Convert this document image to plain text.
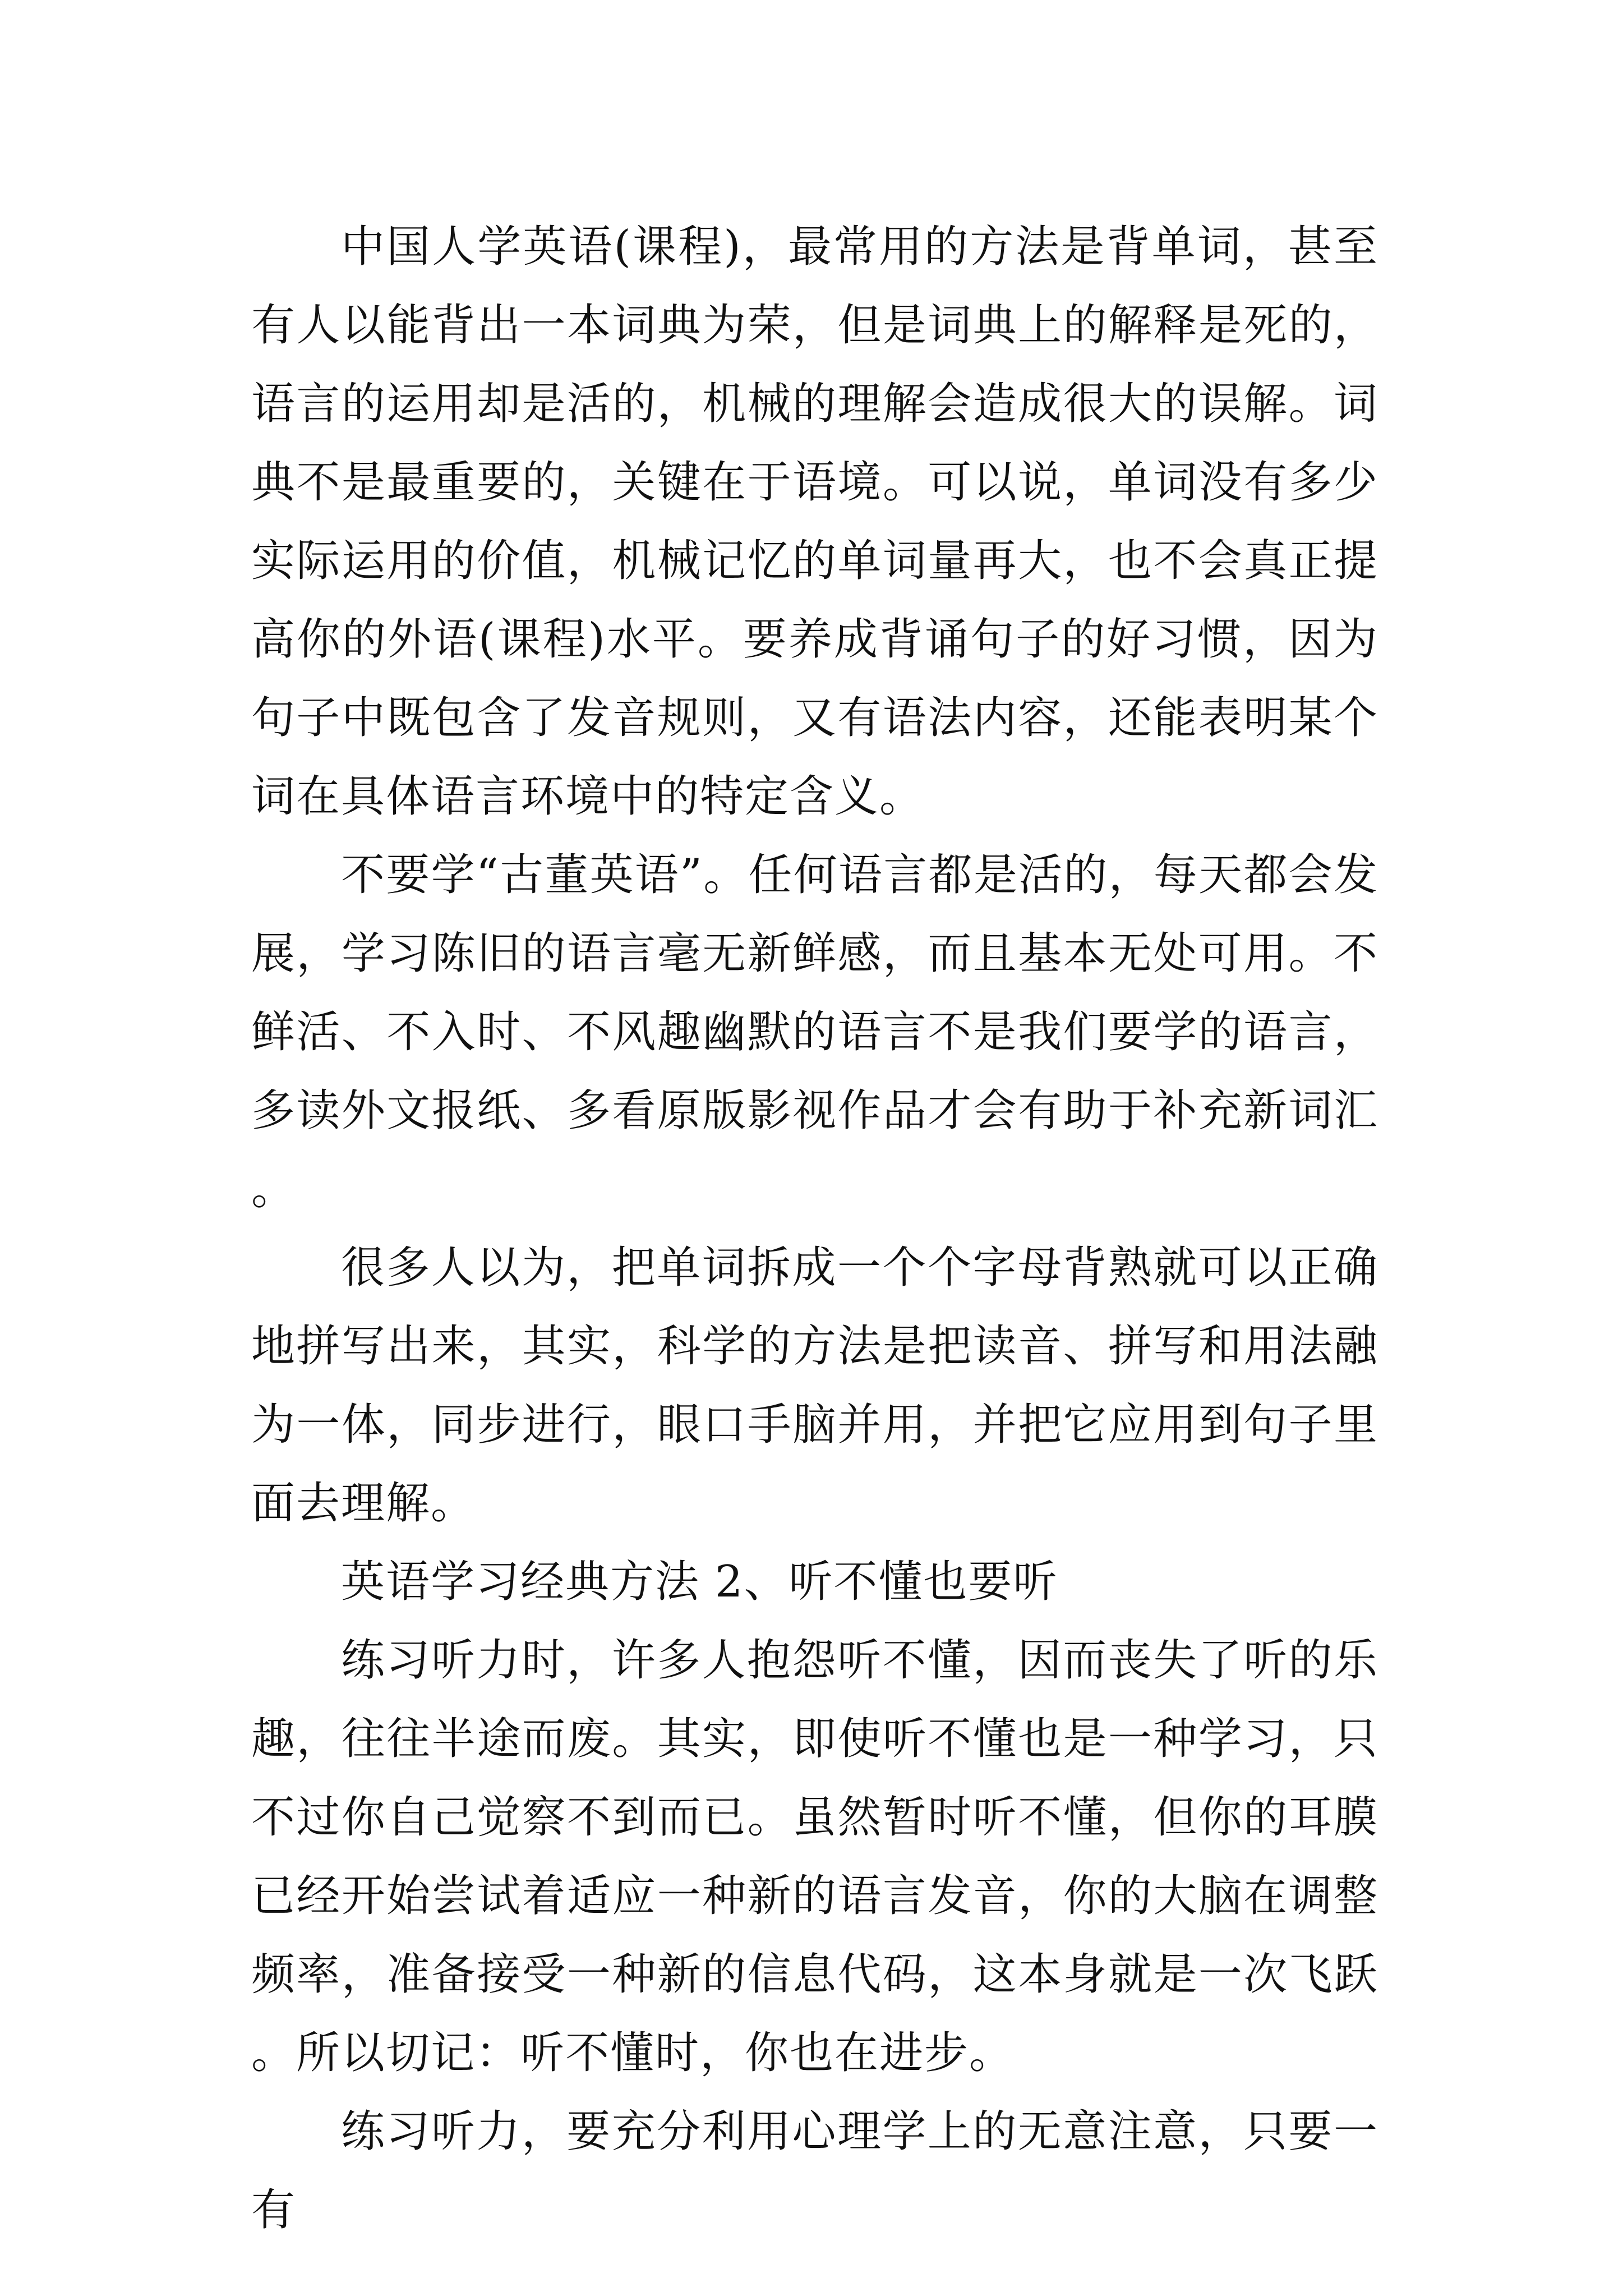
中国人学英语(课程)，最常用的方法是背单词，甚至有人以能背出一本词典为荣，但是词典上的解释是死的，语言的运用却是活的，机械的理解会造成很大的误解。词典不是最重要的，关键在于语境。可以说，单词没有多少实际运用的价值，机械记忆的单词量再大，也不会真正提高你的外语(课程)水平。要养成背诵句子的好习惯，因为句子中既包含了发音规则，又有语法内容，还能表明某个词在具体语言环境中的特定含义。

不要学“古董英语”。任何语言都是活的，每天都会发展，学习陈旧的语言毫无新鲜感，而且基本无处可用。不鲜活、不入时、不风趣幽默的语言不是我们要学的语言，多读外文报纸、多看原版影视作品才会有助于补充新词汇。

很多人以为，把单词拆成一个个字母背熟就可以正确地拼写出来，其实，科学的方法是把读音、拼写和用法融为一体，同步进行，眼口手脑并用，并把它应用到句子里面去理解。

英语学习经典方法 2、听不懂也要听

练习听力时，许多人抱怨听不懂，因而丧失了听的乐趣，往往半途而废。其实，即使听不懂也是一种学习，只不过你自己觉察不到而已。虽然暂时听不懂，但你的耳膜已经开始尝试着适应一种新的语言发音，你的大脑在调整频率，准备接受一种新的信息代码，这本身就是一次飞跃。所以切记：听不懂时，你也在进步。

练习听力，要充分利用心理学上的无意注意，只要一有
